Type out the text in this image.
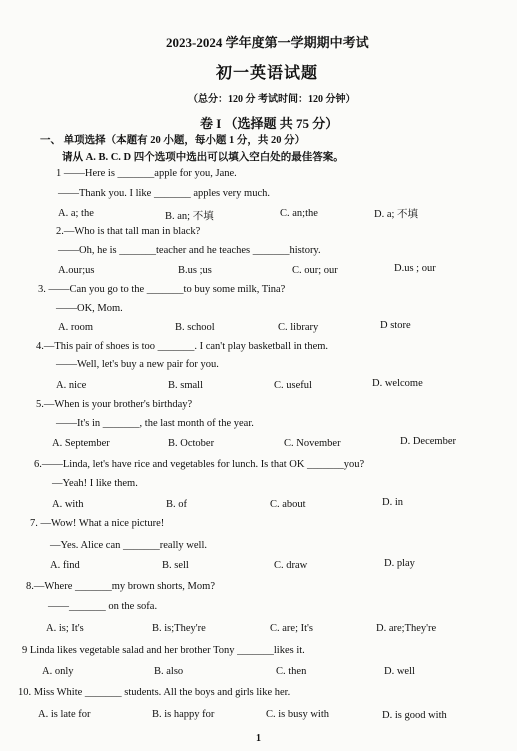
2023-2024 学年度第一学期期中考试
初一英语试题
（总分：120 分 考试时间：120 分钟）
卷 I （选择题 共 75 分）
一、 单项选择（本题有 20 小题，每小题 1 分，共 20 分）
请从 A. B. C. D 四个选项中选出可以填入空白处的最佳答案。
1 ——Here is _______apple for you, Jane.
——Thank you. I like _______ apples very much.
A. a; the	B. an; 不填	C. an;the	D. a; 不填
2.—Who is that tall man in black?
——Oh, he is _______teacher and he teaches _______history.
A.our;us	B.us ;us	C. our; our	D.us ; our
3. ——Can you go to the _______to buy some milk, Tina?
——OK, Mom.
A. room	B. school	C. library	D store
4.—This pair of shoes is too _______. I can't play basketball in them.
——Well, let's buy a new pair for you.
A. nice	B. small	C. useful	D. welcome
5.—When is your brother's birthday?
——It's in _______, the last month of the year.
A. September	B. October	C. November	D. December
6.——Linda, let's have rice and vegetables for lunch. Is that OK _______you?
—Yeah! I like them.
A. with	B. of	C. about	D. in
7. —Wow! What a nice picture!
—Yes. Alice can _______really well.
A. find	B. sell	C. draw	D. play
8.—Where _______my brown shorts, Mom?
——_______ on the sofa.
A. is; It's	B. is;They're	C. are; It's	D. are;They're
9 Linda likes vegetable salad and her brother Tony _______likes it.
A. only	B. also	C. then	D. well
10. Miss White _______ students. All the boys and girls like her.
A. is late for	B. is happy for	C. is busy with	D. is good with
1
